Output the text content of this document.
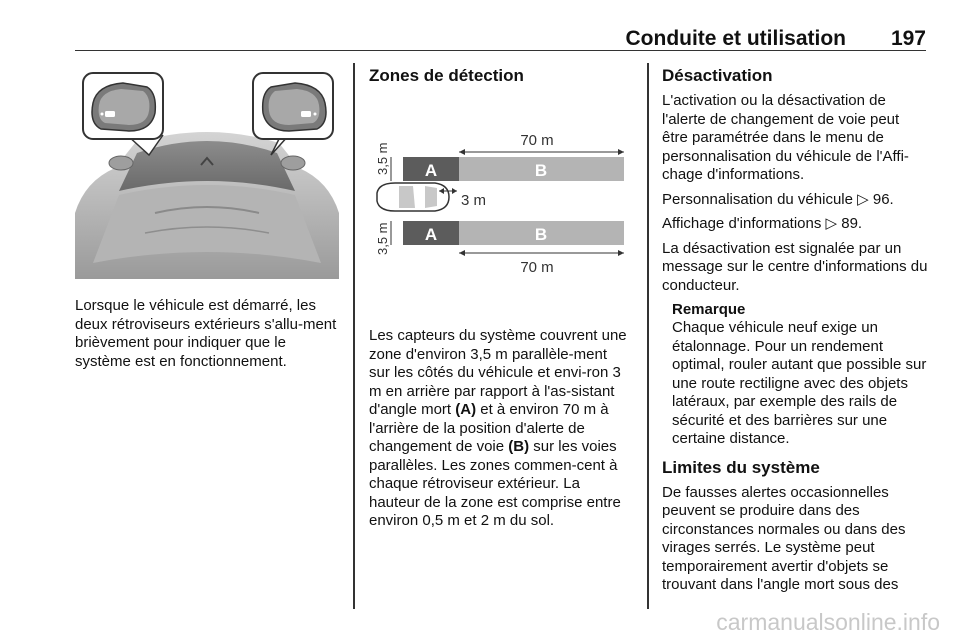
Conduite et utilisation 197

Lorsque le véhicule est démarré, les deux rétroviseurs extérieurs s'allu-ment brièvement pour indiquer que le système est en fonctionnement.

Zones de détection
70 m
A	B
3,5 m
3 m
A	B
3,5 m
70 m

Les capteurs du système couvrent une zone d'environ 3,5 m parallèle-ment sur les côtés du véhicule et envi-ron 3 m en arrière par rapport à l'as-sistant d'angle mort (A) et à environ 70 m à l'arrière de la position d'alerte de changement de voie (B) sur les voies parallèles. Les zones commen-cent à chaque rétroviseur extérieur. La hauteur de la zone est comprise entre environ 0,5 m et 2 m du sol.

Désactivation

L'activation ou la désactivation de l'alerte de changement de voie peut être paramétrée dans le menu de personnalisation du véhicule de l'Affi-chage d'informations.

Personnalisation du véhicule ▷ 96.

Affichage d'informations ▷ 89.

La désactivation est signalée par un message sur le centre d'informations du conducteur.

Remarque
Chaque véhicule neuf exige un étalonnage. Pour un rendement optimal, rouler autant que possible sur une route rectiligne avec des objets latéraux, par exemple des rails de sécurité et des barrières sur une certaine distance.
Limites du système

De fausses alertes occasionnelles peuvent se produire dans des circonstances normales ou dans des virages serrés. Le système peut temporairement avertir d'objets se trouvant dans l'angle mort sous des

carmanualsonline.info
